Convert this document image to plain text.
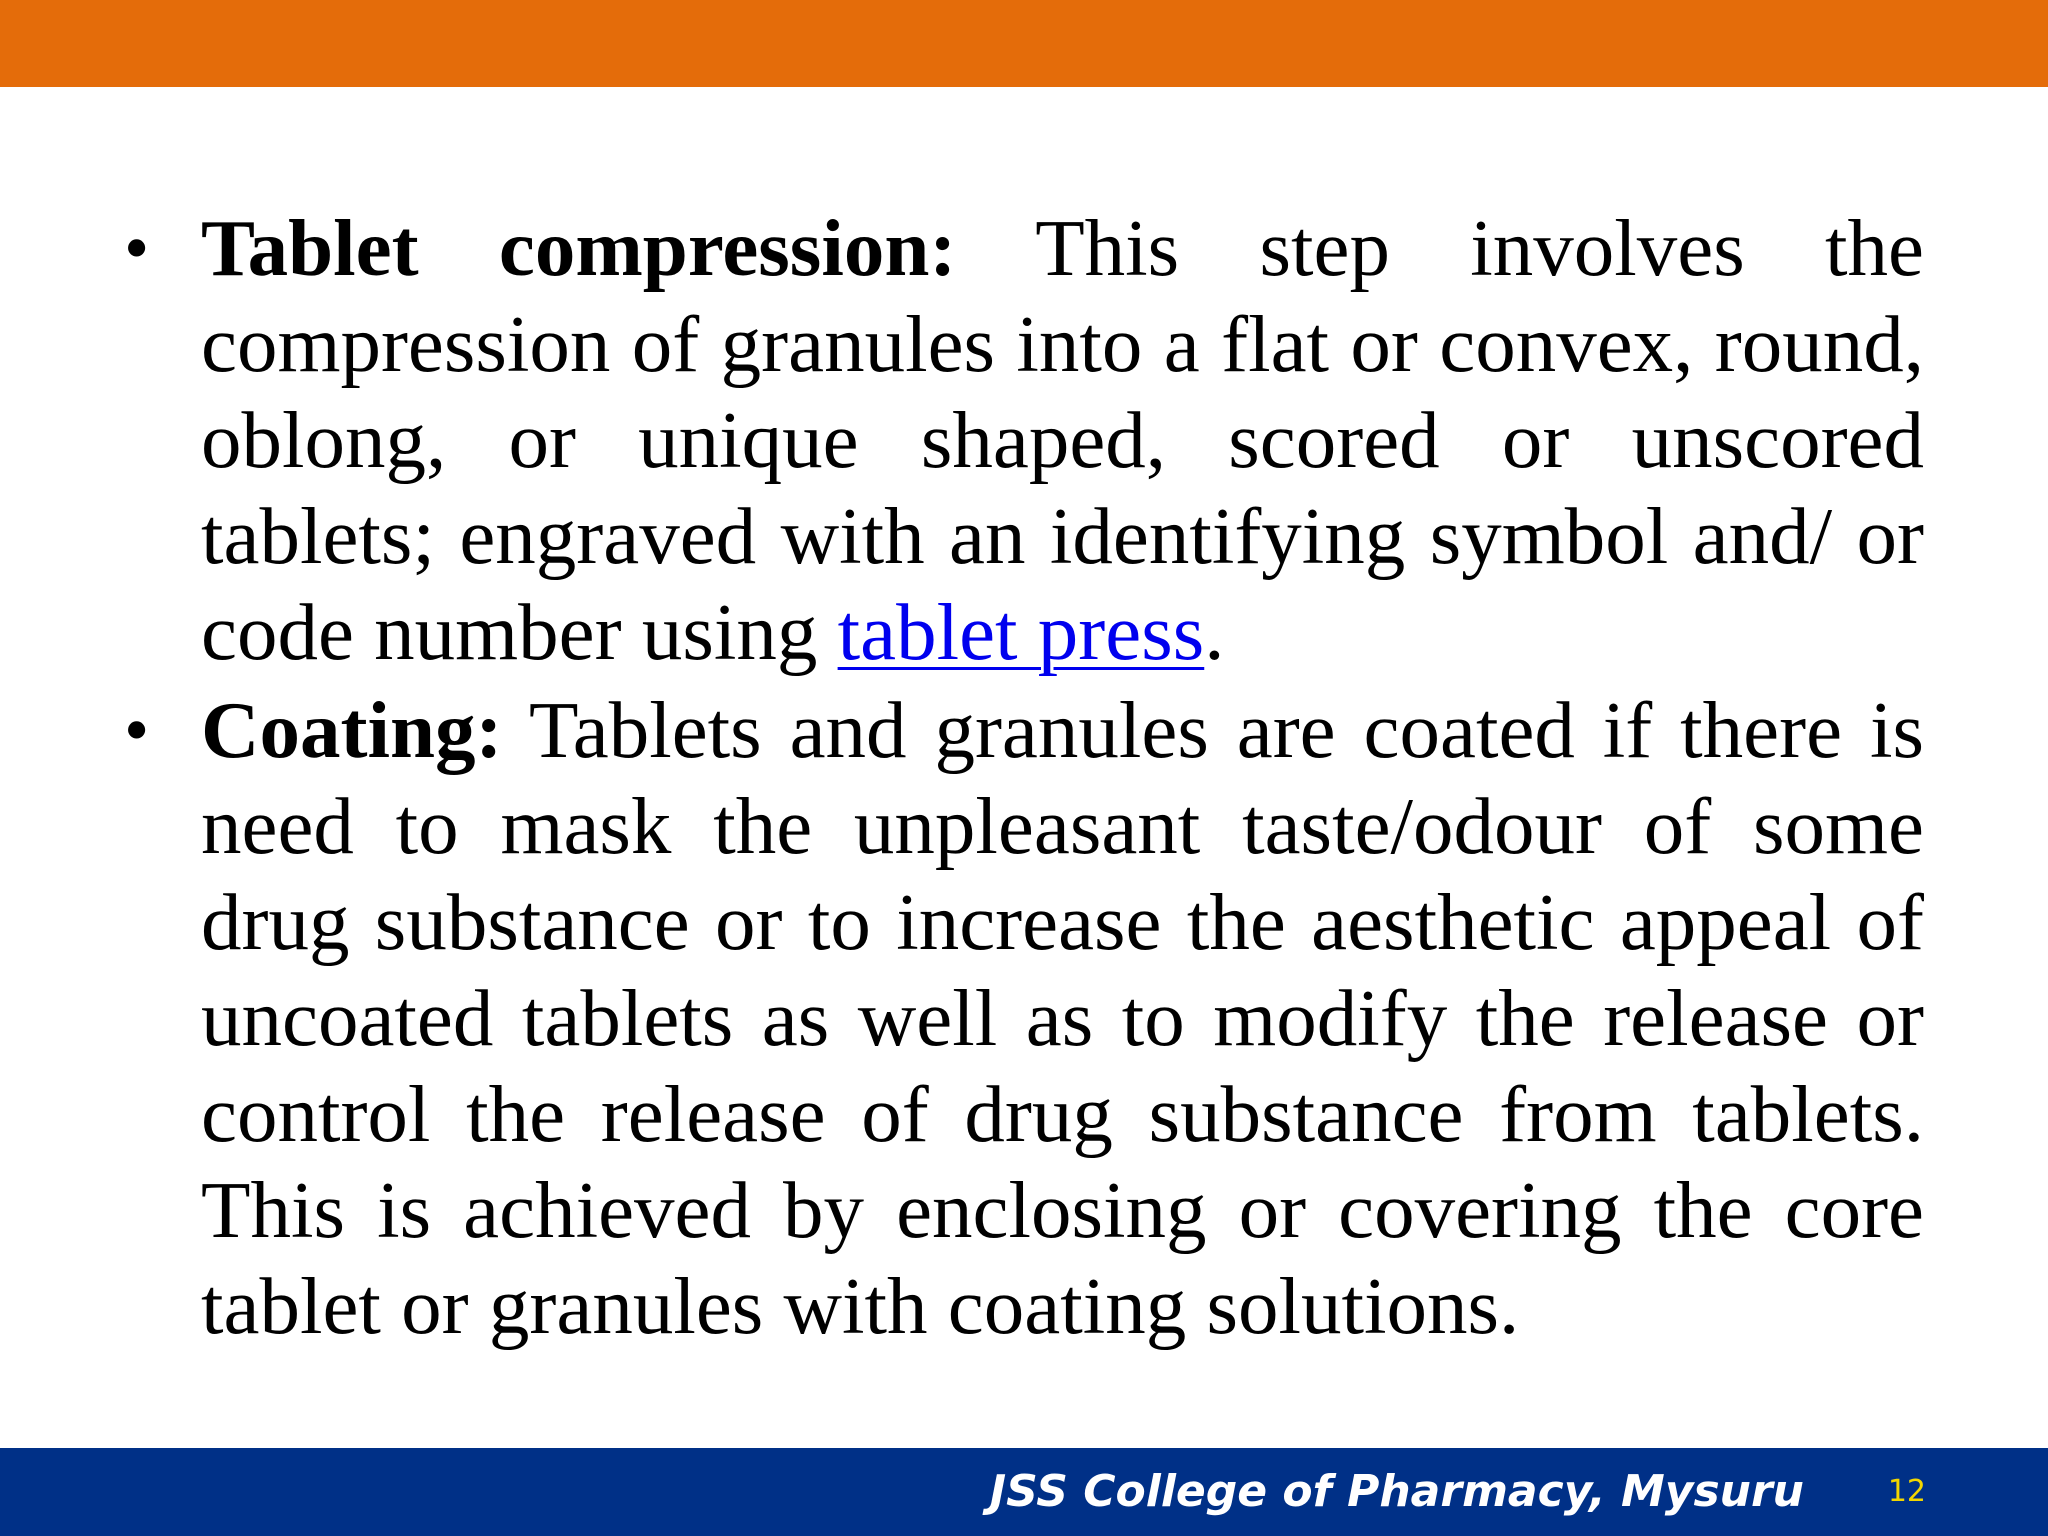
• Tablet compression: This step involves the compression of granules into a flat or convex, round, oblong, or unique shaped, scored or unscored tablets; engraved with an identifying symbol and/ or code number using tablet press.
• Coating: Tablets and granules are coated if there is need to mask the unpleasant taste/odour of some drug substance or to increase the aesthetic appeal of uncoated tablets as well as to modify the release or control the release of drug substance from tablets. This is achieved by enclosing or covering the core tablet or granules with coating solutions.
JSS College of Pharmacy, Mysuru	12
